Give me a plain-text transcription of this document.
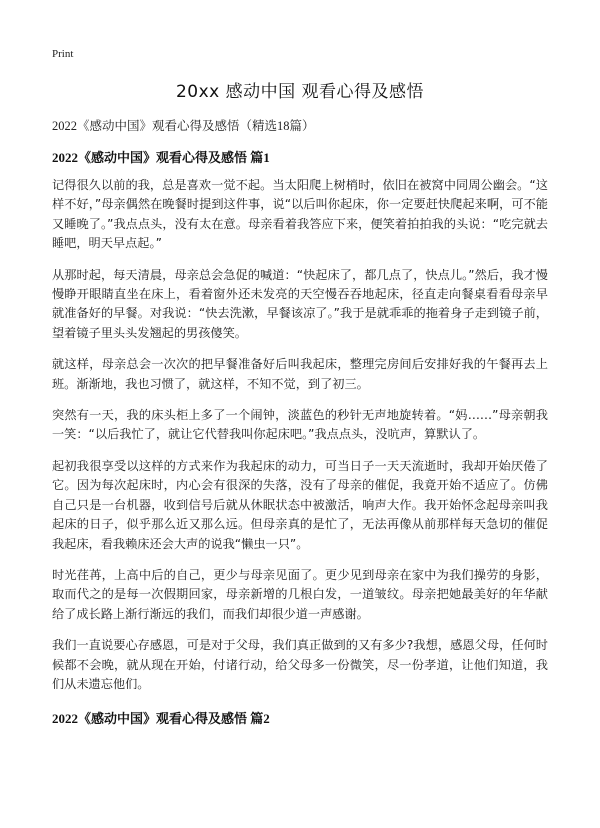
Print
20xx 感动中国 观看心得及感悟
2022《感动中国》观看心得及感悟（精选18篇）
2022《感动中国》观看心得及感悟 篇1

记得很久以前的我，总是喜欢一觉不起。当太阳爬上树梢时，依旧在被窝中同周公幽会。“这样不好，”母亲偶然在晚餐时提到这件事，说“以后叫你起床，你一定要赶快爬起来啊，可不能又睡晚了。”我点点头，没有太在意。母亲看着我答应下来，便笑着拍拍我的头说：“吃完就去睡吧，明天早点起。”

从那时起，每天清晨，母亲总会急促的喊道：“快起床了，都几点了，快点儿。”然后，我才慢慢睁开眼睛直坐在床上，看着窗外还未发亮的天空慢吞吞地起床，径直走向餐桌看看母亲早就准备好的早餐。对我说：“快去洗漱，早餐该凉了。”我于是就乖乖的拖着身子走到镜子前，望着镜子里头头发翘起的男孩傻笑。

就这样，母亲总会一次次的把早餐准备好后叫我起床，整理完房间后安排好我的午餐再去上班。渐渐地，我也习惯了，就这样，不知不觉，到了初三。

突然有一天，我的床头柜上多了一个闹钟，淡蓝色的秒针无声地旋转着。“妈……”母亲朝我一笑：“以后我忙了，就让它代替我叫你起床吧。”我点点头，没吭声，算默认了。

起初我很享受以这样的方式来作为我起床的动力，可当日子一天天流逝时，我却开始厌倦了它。因为每次起床时，内心会有很深的失落，没有了母亲的催促，我竟开始不适应了。仿佛自己只是一台机器，收到信号后就从休眠状态中被激活，响声大作。我开始怀念起母亲叫我起床的日子，似乎那么近又那么远。但母亲真的是忙了，无法再像从前那样每天急切的催促我起床，看我赖床还会大声的说我“懒虫一只”。

时光荏苒，上高中后的自己，更少与母亲见面了。更少见到母亲在家中为我们操劳的身影，取而代之的是每一次假期回家，母亲新增的几根白发，一道皱纹。母亲把她最美好的年华献给了成长路上渐行渐远的我们，而我们却很少道一声感谢。

我们一直说要心存感恩，可是对于父母，我们真正做到的又有多少?我想，感恩父母，任何时候都不会晚，就从现在开始，付诸行动，给父母多一份微笑，尽一份孝道，让他们知道，我们从未遗忘他们。

2022《感动中国》观看心得及感悟 篇2
